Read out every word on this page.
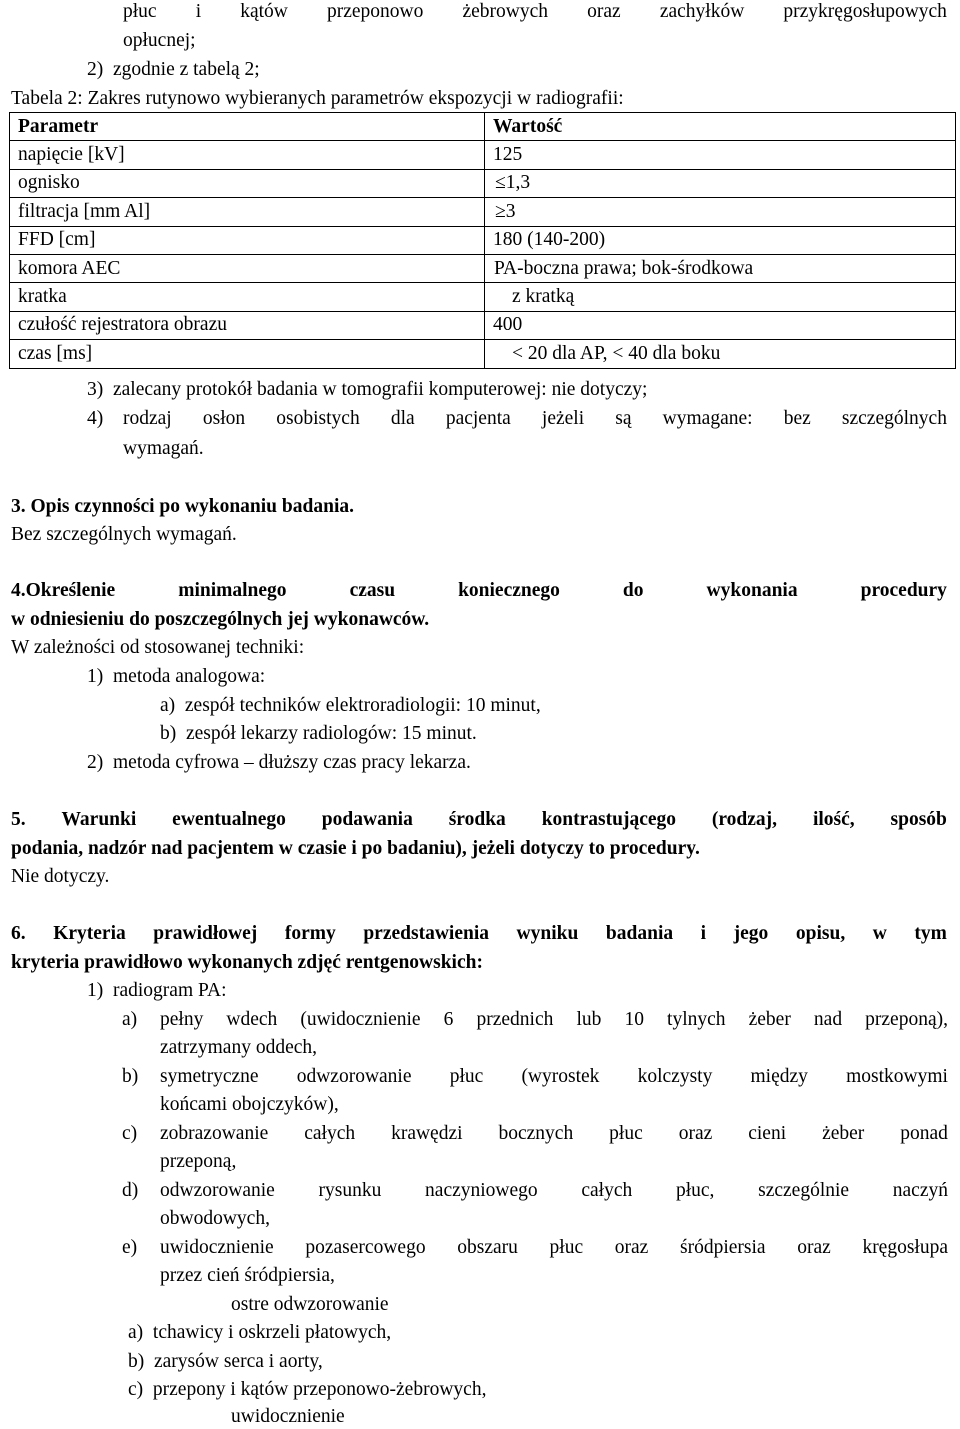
płuc i kątów przeponowo żebrowych oraz zachyłków przykręgosłupowych
opłucnej;
2) zgodnie z tabelą 2;
Tabela 2: Zakres rutynowo wybieranych parametrów ekspozycji w radiografii:
Parametr	Wartość
napięcie [kV]	125
ognisko	≤1,3
filtracja [mm Al]	≥3
FFD [cm]	180 (140-200)
komora AEC	PA-boczna prawa; bok-środkowa
kratka	z kratką
czułość rejestratora obrazu	400
czas [ms]	< 20 dla AP, < 40 dla boku
3) zalecany protokół badania w tomografii komputerowej: nie dotyczy;
4) rodzaj osłon osobistych dla pacjenta jeżeli są wymagane: bez szczególnych
wymagań.
3. Opis czynności po wykonaniu badania.
Bez szczególnych wymagań.
4.Określenie	minimalnego	czasu	koniecznego	do	wykonania	procedury
w odniesieniu do poszczególnych jej wykonawców.
W zależności od stosowanej techniki:
1) metoda analogowa:
a) zespół techników elektroradiologii: 10 minut,
b) zespół lekarzy radiologów: 15 minut.
2) metoda cyfrowa – dłuższy czas pracy lekarza.
5. Warunki ewentualnego podawania środka kontrastującego (rodzaj, ilość, sposób
podania, nadzór nad pacjentem w czasie i po badaniu), jeżeli dotyczy to procedury.
Nie dotyczy.
6. Kryteria prawidłowej formy przedstawienia wyniku badania i jego opisu, w tym
kryteria prawidłowo wykonanych zdjęć rentgenowskich:
1) radiogram PA:
a) pełny wdech (uwidocznienie 6 przednich lub 10 tylnych żeber nad przeponą),
zatrzymany oddech,
b) symetryczne odwzorowanie płuc (wyrostek kolczysty między mostkowymi
końcami obojczyków),
c) zobrazowanie całych krawędzi bocznych płuc oraz cieni żeber ponad
przeponą,
d) odwzorowanie rysunku naczyniowego całych płuc, szczególnie naczyń
obwodowych,
e) uwidocznienie pozasercowego obszaru płuc oraz śródpiersia oraz kręgosłupa
przez cień śródpiersia,
ostre odwzorowanie
a) tchawicy i oskrzeli płatowych,
b) zarysów serca i aorty,
c) przepony i kątów przeponowo-żebrowych,
uwidocznienie
